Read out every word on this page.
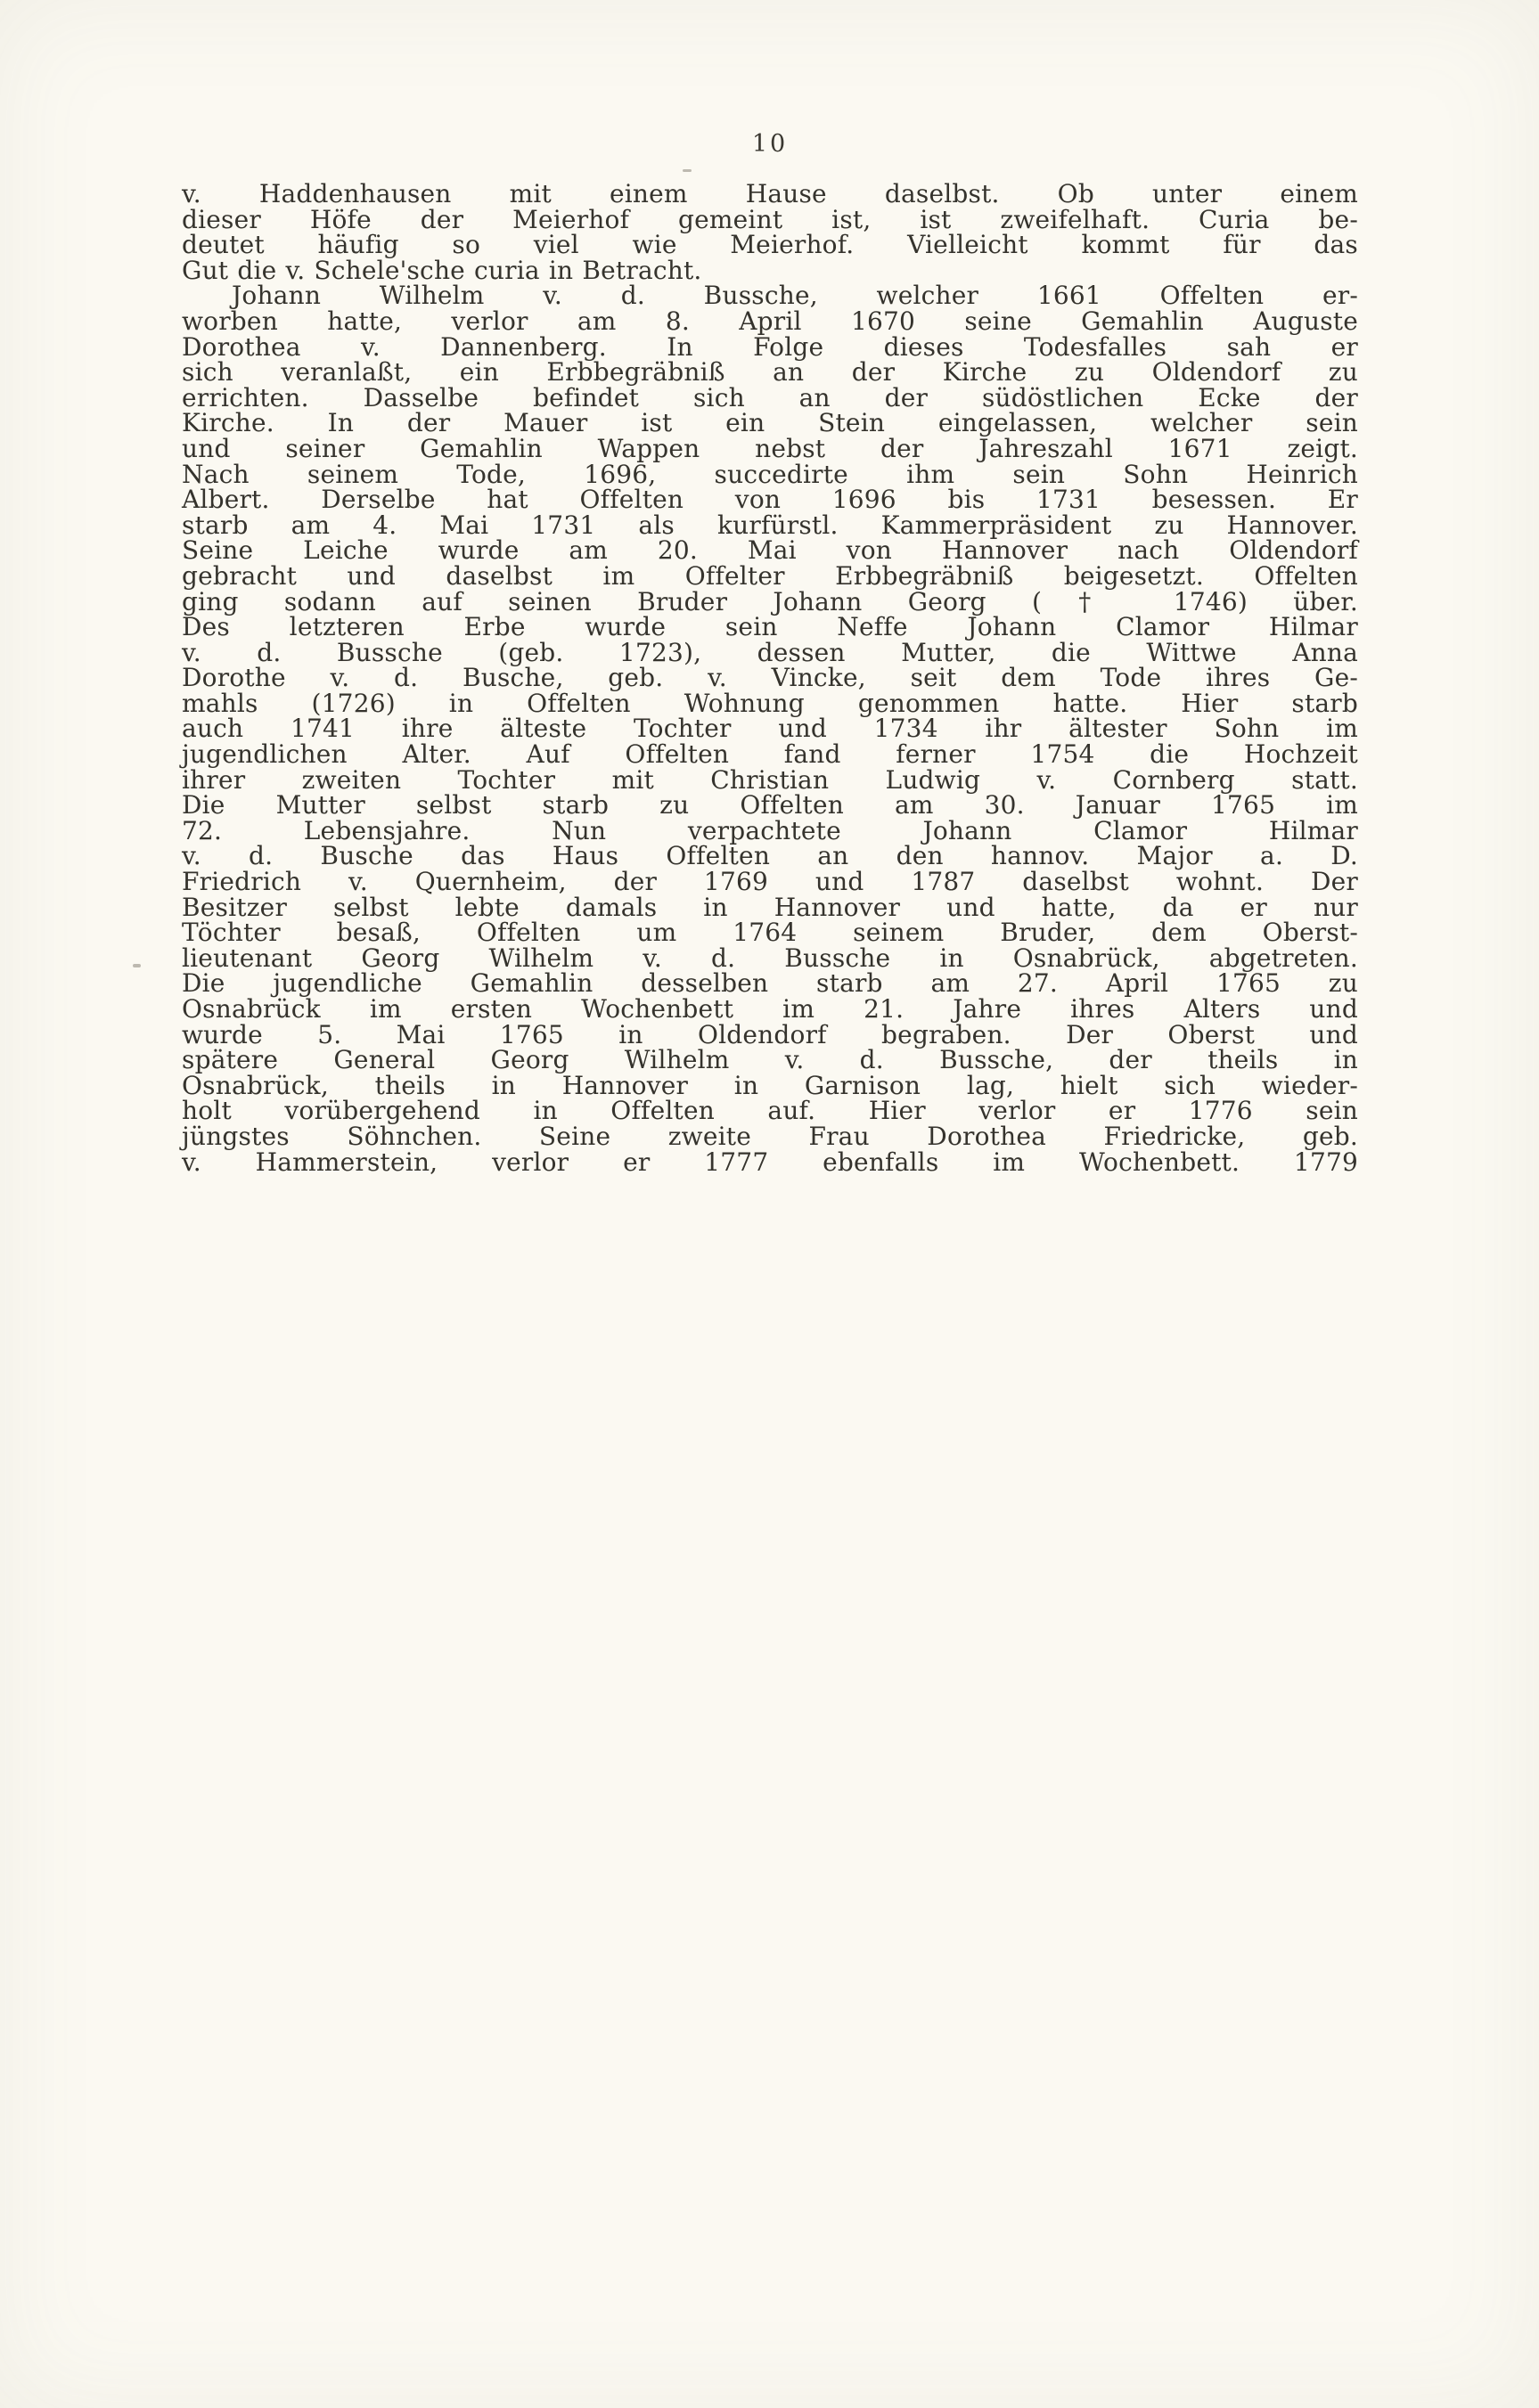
10
v. Haddenhausen mit einem Hause daselbst. Ob unter einem
dieser Höfe der Meierhof gemeint ist, ist zweifelhaft. Curia be-
deutet häufig so viel wie Meierhof. Vielleicht kommt für das
Gut die v. Schele'sche curia in Betracht.
Johann Wilhelm v. d. Bussche, welcher 1661 Offelten er-
worben hatte, verlor am 8. April 1670 seine Gemahlin Auguste
Dorothea v. Dannenberg. In Folge dieses Todesfalles sah er
sich veranlaßt, ein Erbbegräbniß an der Kirche zu Oldendorf zu
errichten. Dasselbe befindet sich an der südöstlichen Ecke der
Kirche. In der Mauer ist ein Stein eingelassen, welcher sein
und seiner Gemahlin Wappen nebst der Jahreszahl 1671 zeigt.
Nach seinem Tode, 1696, succedirte ihm sein Sohn Heinrich
Albert. Derselbe hat Offelten von 1696 bis 1731 besessen. Er
starb am 4. Mai 1731 als kurfürstl. Kammerpräsident zu Hannover.
Seine Leiche wurde am 20. Mai von Hannover nach Oldendorf
gebracht und daselbst im Offelter Erbbegräbniß beigesetzt. Offelten
ging sodann auf seinen Bruder Johann Georg († 1746) über.
Des letzteren Erbe wurde sein Neffe Johann Clamor Hilmar
v. d. Bussche (geb. 1723), dessen Mutter, die Wittwe Anna
Dorothe v. d. Busche, geb. v. Vincke, seit dem Tode ihres Ge-
mahls (1726) in Offelten Wohnung genommen hatte. Hier starb
auch 1741 ihre älteste Tochter und 1734 ihr ältester Sohn im
jugendlichen Alter. Auf Offelten fand ferner 1754 die Hochzeit
ihrer zweiten Tochter mit Christian Ludwig v. Cornberg statt.
Die Mutter selbst starb zu Offelten am 30. Januar 1765 im
72. Lebensjahre. Nun verpachtete Johann Clamor Hilmar
v. d. Busche das Haus Offelten an den hannov. Major a. D.
Friedrich v. Quernheim, der 1769 und 1787 daselbst wohnt. Der
Besitzer selbst lebte damals in Hannover und hatte, da er nur
Töchter besaß, Offelten um 1764 seinem Bruder, dem Oberst-
lieutenant Georg Wilhelm v. d. Bussche in Osnabrück, abgetreten.
Die jugendliche Gemahlin desselben starb am 27. April 1765 zu
Osnabrück im ersten Wochenbett im 21. Jahre ihres Alters und
wurde 5. Mai 1765 in Oldendorf begraben. Der Oberst und
spätere General Georg Wilhelm v. d. Bussche, der theils in
Osnabrück, theils in Hannover in Garnison lag, hielt sich wieder-
holt vorübergehend in Offelten auf. Hier verlor er 1776 sein
jüngstes Söhnchen. Seine zweite Frau Dorothea Friedricke, geb.
v. Hammerstein, verlor er 1777 ebenfalls im Wochenbett. 1779
